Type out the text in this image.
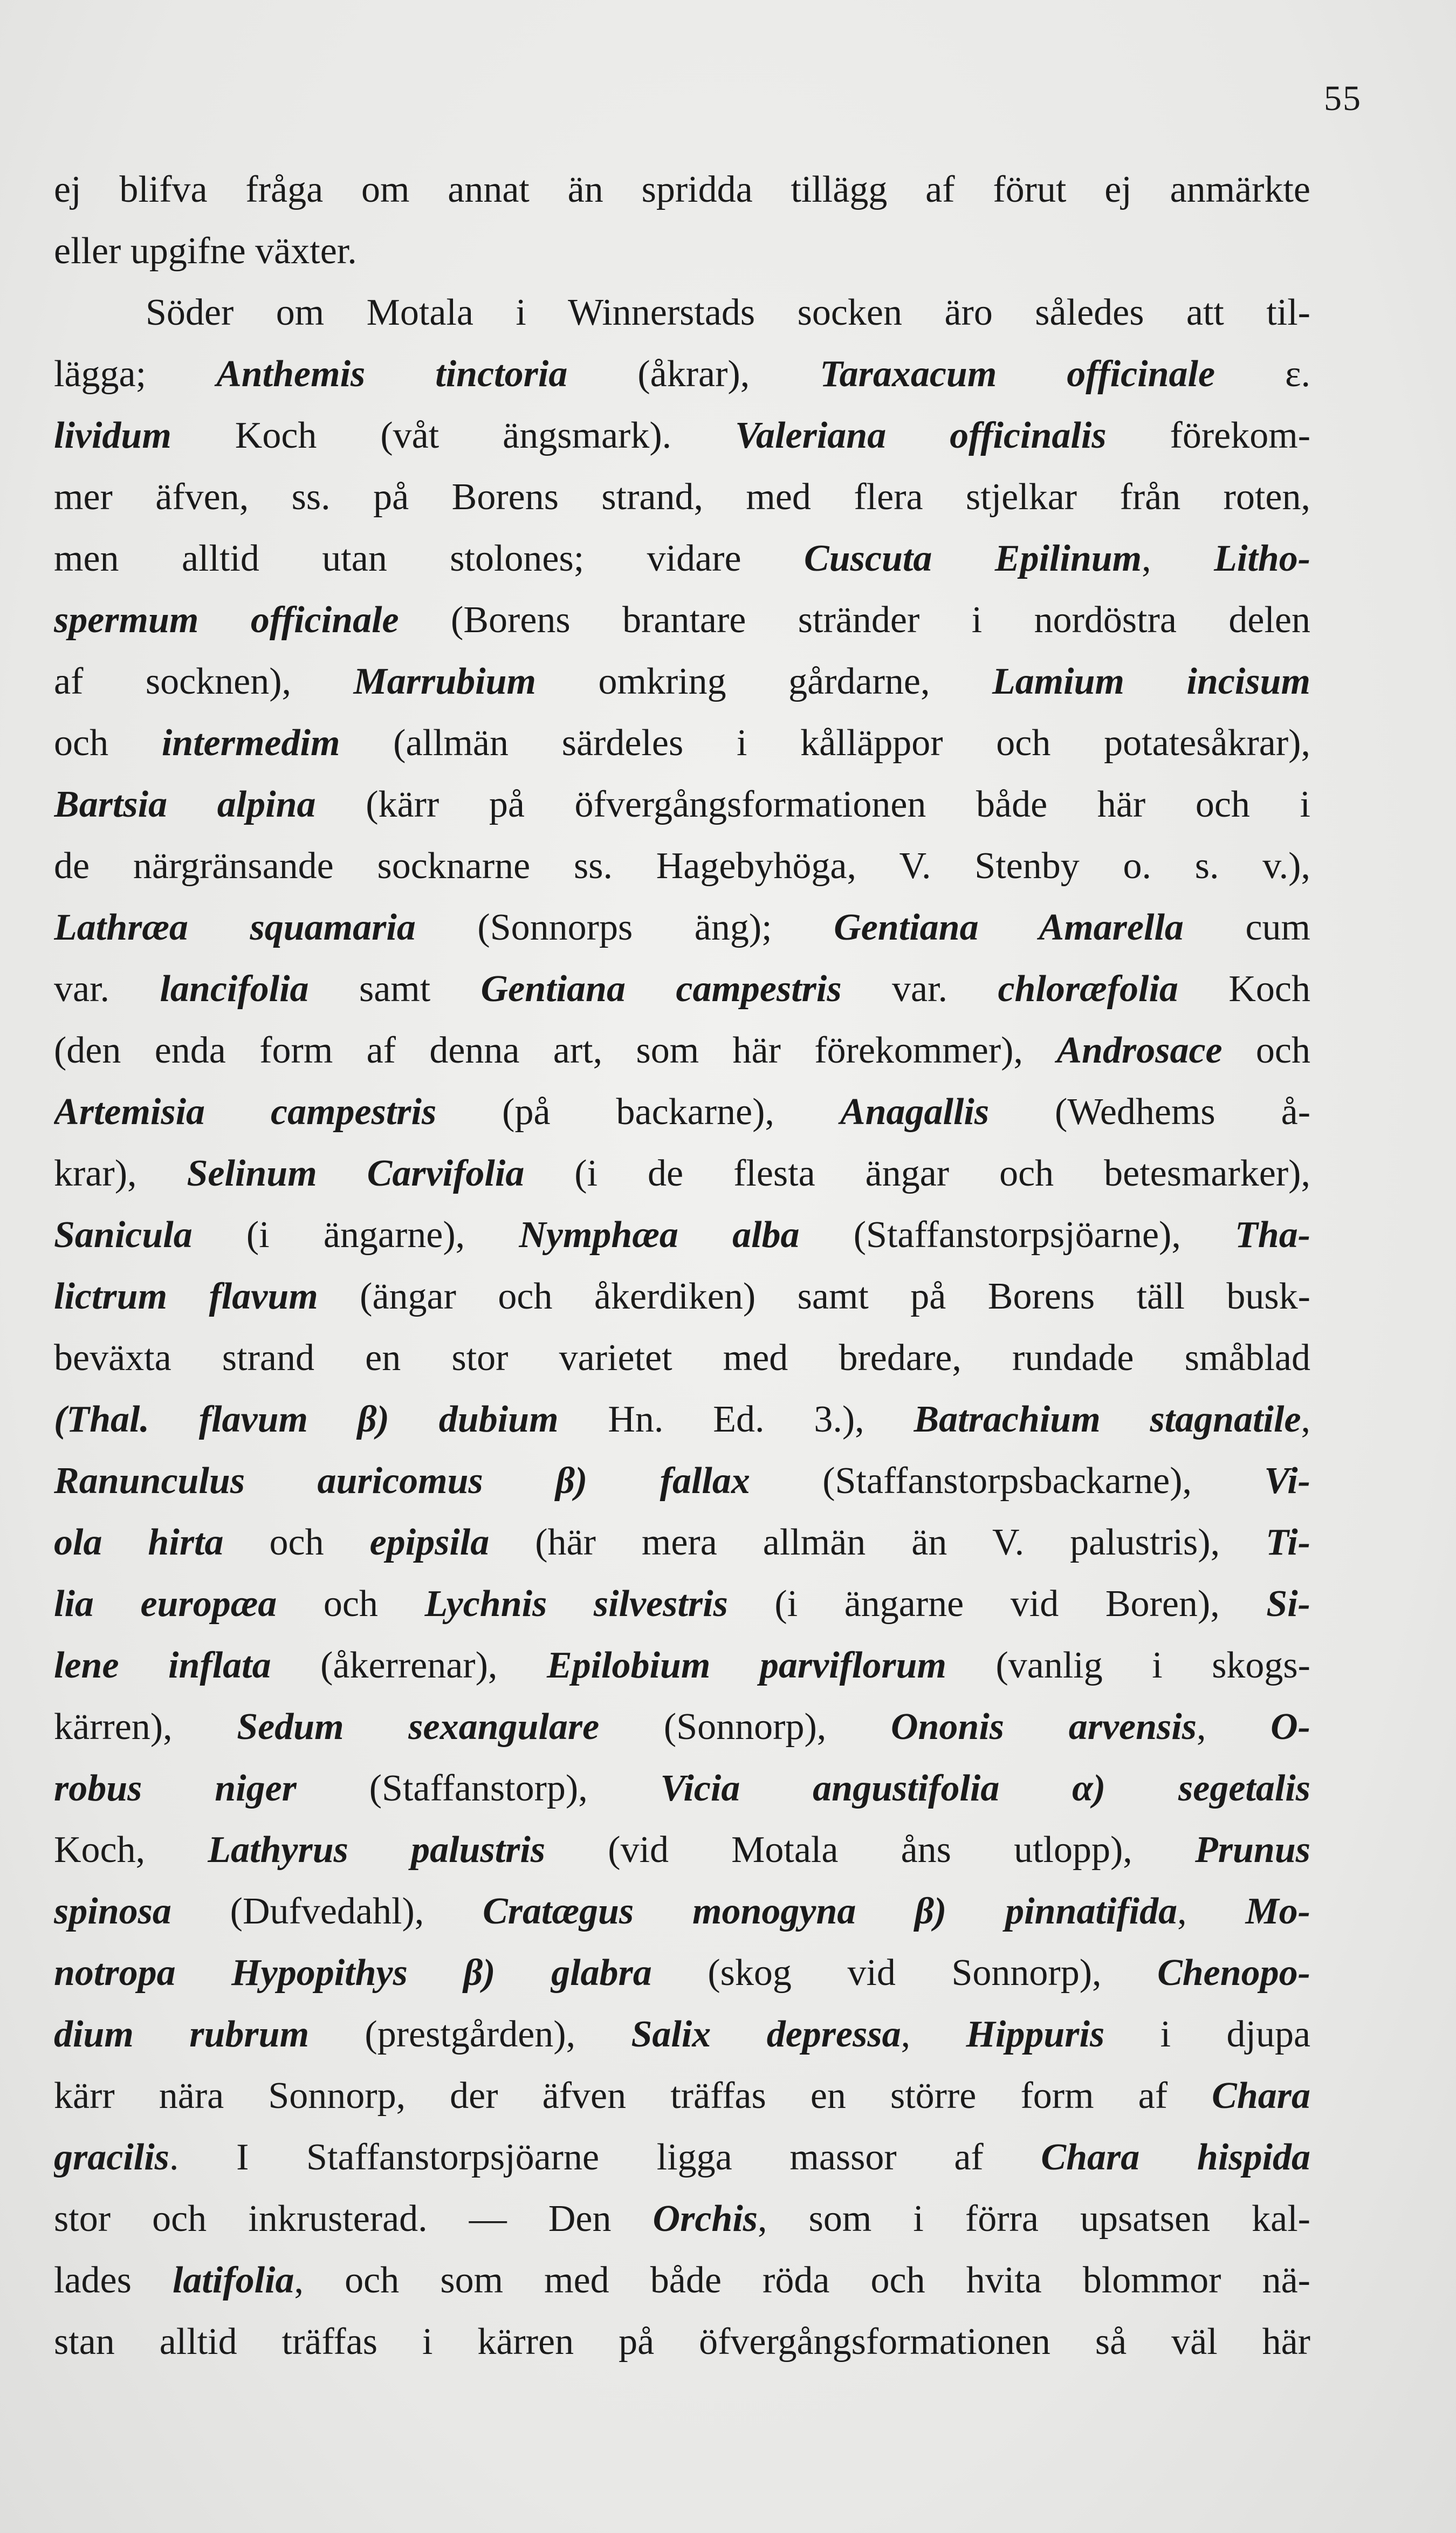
55
ej blifva fråga om annat än spridda tillägg af förut ej anmärkte
eller upgifne växter.
Söder om Motala i Winnerstads socken äro således att til-
lägga; Anthemis tinctoria (åkrar), Taraxacum officinale ε.
lividum Koch (våt ängsmark). Valeriana officinalis förekom-
mer äfven, ss. på Borens strand, med flera stjelkar från roten,
men alltid utan stolones; vidare Cuscuta Epilinum, Litho-
spermum officinale (Borens brantare stränder i nordöstra delen
af socknen), Marrubium omkring gårdarne, Lamium incisum
och intermedim (allmän särdeles i kålläppor och potatesåkrar),
Bartsia alpina (kärr på öfvergångsformationen både här och i
de närgränsande socknarne ss. Hagebyhöga, V. Stenby o. s. v.),
Lathræa squamaria (Sonnorps äng); Gentiana Amarella cum
var. lancifolia samt Gentiana campestris var. chloræfolia Koch
(den enda form af denna art, som här förekommer), Androsace och
Artemisia campestris (på backarne), Anagallis (Wedhems å-
krar), Selinum Carvifolia (i de flesta ängar och betesmarker),
Sanicula (i ängarne), Nymphæa alba (Staffanstorpsjöarne), Tha-
lictrum flavum (ängar och åkerdiken) samt på Borens täll busk-
beväxta strand en stor varietet med bredare, rundade småblad
(Thal. flavum β) dubium Hn. Ed. 3.), Batrachium stagnatile,
Ranunculus auricomus β) fallax (Staffanstorpsbackarne), Vi-
ola hirta och epipsila (här mera allmän än V. palustris), Ti-
lia europæa och Lychnis silvestris (i ängarne vid Boren), Si-
lene inflata (åkerrenar), Epilobium parviflorum (vanlig i skogs-
kärren), Sedum sexangulare (Sonnorp), Ononis arvensis, O-
robus niger (Staffanstorp), Vicia angustifolia α) segetalis
Koch, Lathyrus palustris (vid Motala åns utlopp), Prunus
spinosa (Dufvedahl), Cratægus monogyna β) pinnatifida, Mo-
notropa Hypopithys β) glabra (skog vid Sonnorp), Chenopo-
dium rubrum (prestgården), Salix depressa, Hippuris i djupa
kärr nära Sonnorp, der äfven träffas en större form af Chara
gracilis. I Staffanstorpsjöarne ligga massor af Chara hispida
stor och inkrusterad. — Den Orchis, som i förra upsatsen kal-
lades latifolia, och som med både röda och hvita blommor nä-
stan alltid träffas i kärren på öfvergångsformationen så väl här
